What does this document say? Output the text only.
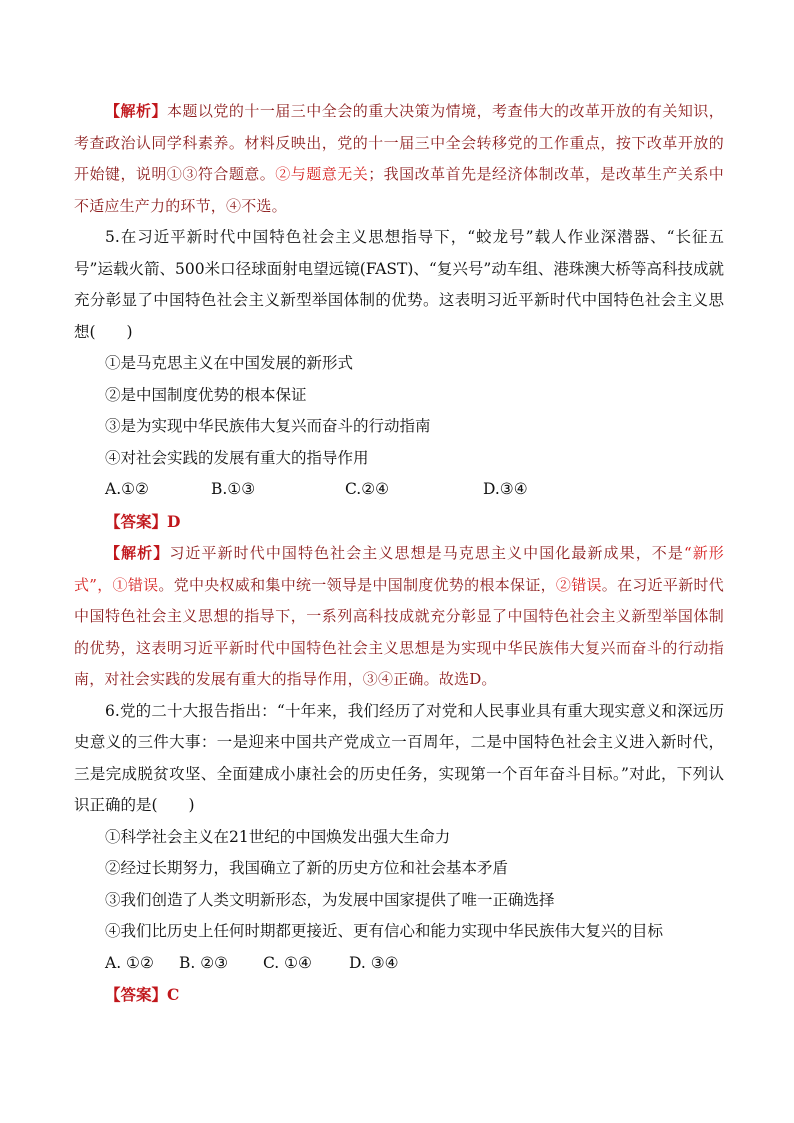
【解析】本题以党的十一届三中全会的重大决策为情境，考查伟大的改革开放的有关知识，考查政治认同学科素养。材料反映出，党的十一届三中全会转移党的工作重点，按下改革开放的开始键，说明①③符合题意。②与题意无关；我国改革首先是经济体制改革，是改革生产关系中不适应生产力的环节，④不选。

5.在习近平新时代中国特色社会主义思想指导下，“蛟龙号”载人作业深潜器、“长征五号”运载火箭、500米口径球面射电望远镜(FAST)、“复兴号”动车组、港珠澳大桥等高科技成就充分彰显了中国特色社会主义新型举国体制的优势。这表明习近平新时代中国特色社会主义思想(　　)

①是马克思主义在中国发展的新形式

②是中国制度优势的根本保证

③是为实现中华民族伟大复兴而奋斗的行动指南

④对社会实践的发展有重大的指导作用

A.①②	B.①③	C.②④	D.③④

【答案】D

【解析】习近平新时代中国特色社会主义思想是马克思主义中国化最新成果，不是“新形式”，①错误。党中央权威和集中统一领导是中国制度优势的根本保证，②错误。在习近平新时代中国特色社会主义思想的指导下，一系列高科技成就充分彰显了中国特色社会主义新型举国体制的优势，这表明习近平新时代中国特色社会主义思想是为实现中华民族伟大复兴而奋斗的行动指南，对社会实践的发展有重大的指导作用，③④正确。故选D。

6.党的二十大报告指出：“十年来，我们经历了对党和人民事业具有重大现实意义和深远历史意义的三件大事：一是迎来中国共产党成立一百周年，二是中国特色社会主义进入新时代，三是完成脱贫攻坚、全面建成小康社会的历史任务，实现第一个百年奋斗目标。”对此，下列认识正确的是(　　)

①科学社会主义在21世纪的中国焕发出强大生命力

②经过长期努力，我国确立了新的历史方位和社会基本矛盾

③我们创造了人类文明新形态，为发展中国家提供了唯一正确选择

④我们比历史上任何时期都更接近、更有信心和能力实现中华民族伟大复兴的目标

A. ①②	B. ②③	C. ①④	D. ③④

【答案】C
